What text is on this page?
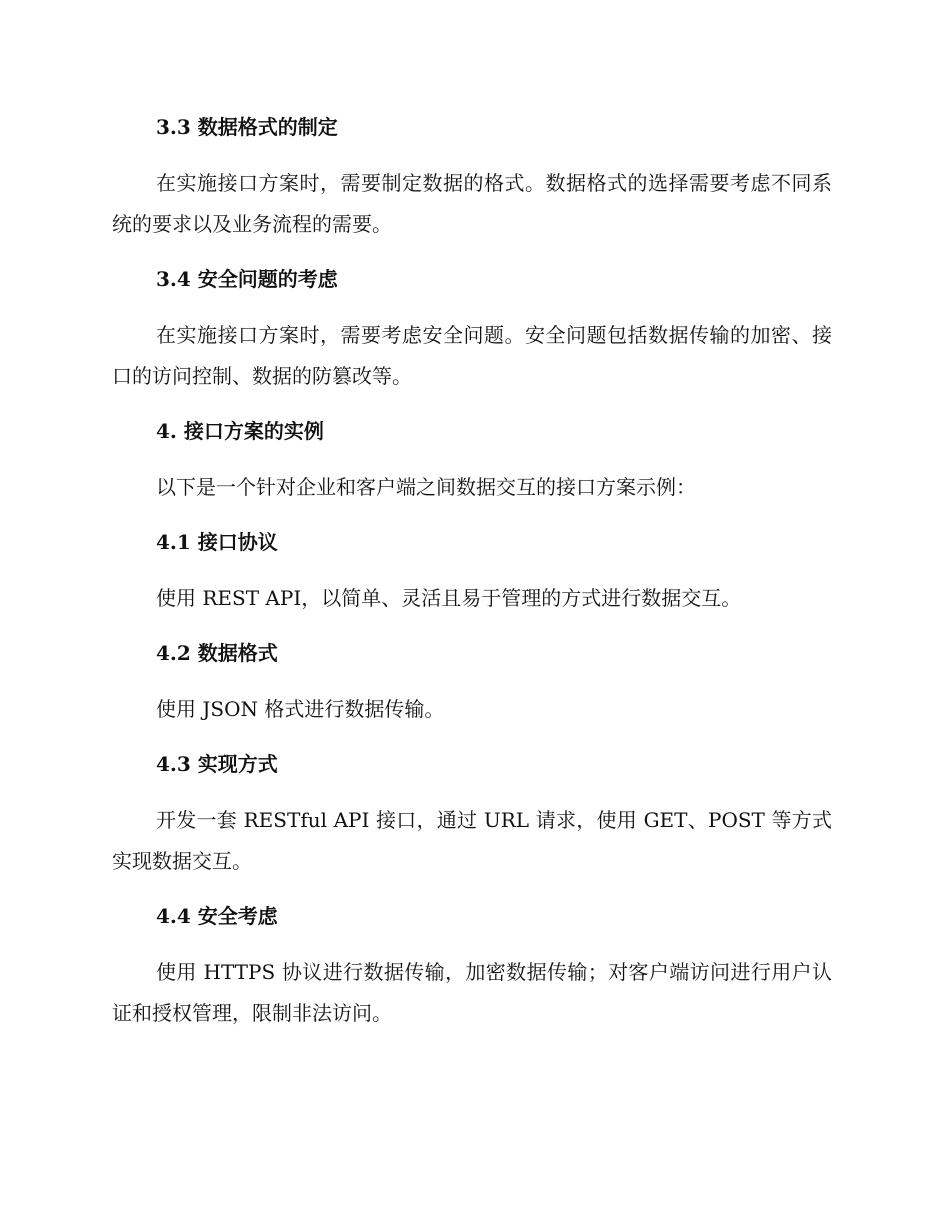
3.3 数据格式的制定

在实施接口方案时，需要制定数据的格式。数据格式的选择需要考虑不同系统的要求以及业务流程的需要。

3.4 安全问题的考虑

在实施接口方案时，需要考虑安全问题。安全问题包括数据传输的加密、接口的访问控制、数据的防篡改等。

4. 接口方案的实例

以下是一个针对企业和客户端之间数据交互的接口方案示例：

4.1 接口协议

使用 REST API，以简单、灵活且易于管理的方式进行数据交互。

4.2 数据格式

使用 JSON 格式进行数据传输。

4.3 实现方式

开发一套 RESTful API 接口，通过 URL 请求，使用 GET、POST 等方式实现数据交互。

4.4 安全考虑

使用 HTTPS 协议进行数据传输，加密数据传输；对客户端访问进行用户认证和授权管理，限制非法访问。
